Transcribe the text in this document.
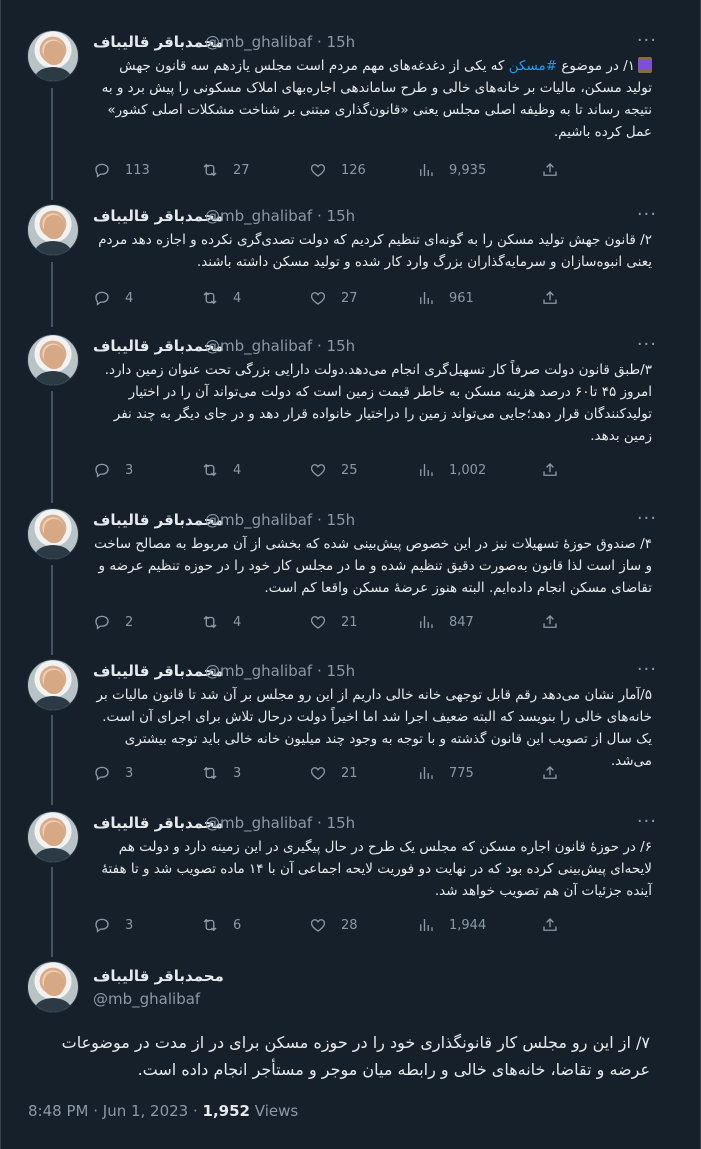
محمدباقر قالیباف
@mb_ghalibaf · 15h	···
۱/ در موضوع #مسکن که یکی از دغدغه‌های مهم مردم است مجلس یازدهم سه قانون جهش تولید مسکن، مالیات بر خانه‌های خالی و طرح ساماندهی اجاره‌بهای املاک مسکونی را پیش برد و به نتیجه رساند تا به وظیفه اصلی مجلس یعنی «قانون‌گذاری مبتنی بر شناخت مشکلات اصلی کشور» عمل کرده باشیم.
113	27	126	9,935
محمدباقر قالیباف
@mb_ghalibaf · 15h	···
۲/ قانون جهش تولید مسکن را به گونه‌ای تنظیم کردیم که دولت تصدی‌گری نکرده و اجازه دهد مردم یعنی انبوه‌سازان و سرمایه‌گذاران بزرگ وارد کار شده و تولید مسکن داشته باشند.
4	4	27	961
محمدباقر قالیباف
@mb_ghalibaf · 15h	···
۳/طبق قانون دولت صرفاً کار تسهیل‌گری انجام می‌دهد.دولت دارایی بزرگی تحت عنوان زمین دارد. امروز ۴۵ تا۶۰ درصد هزینه مسکن به خاطر قیمت زمین است که دولت می‌تواند آن را در اختیار تولیدکنندگان قرار دهد؛جایی می‌تواند زمین را دراختیار خانواده قرار دهد و در جای دیگر به چند نفر زمین بدهد.
3	4	25	1,002
محمدباقر قالیباف
@mb_ghalibaf · 15h	···
۴/ صندوق حوزهٔ تسهیلات نیز در این خصوص پیش‌بینی شده که بخشی از آن مربوط به مصالح ساخت و ساز است لذا قانون به‌صورت دقیق تنظیم شده و ما در مجلس کار خود را در حوزه تنظیم عرضه و تقاضای مسکن انجام داده‌ایم. البته هنوز عرضهٔ مسکن واقعا کم است.
2	4	21	847
محمدباقر قالیباف
@mb_ghalibaf · 15h	···
۵/آمار نشان می‌دهد رقم قابل توجهی خانه خالی داریم از این رو مجلس بر آن شد تا قانون مالیات بر خانه‌های خالی را بنویسد که البته ضعیف اجرا شد اما اخیراً دولت درحال تلاش برای اجرای آن است. یک سال از تصویب این قانون گذشته و با توجه به وجود چند میلیون خانه خالی باید توجه بیشتری می‌شد.
3	3	21	775
محمدباقر قالیباف
@mb_ghalibaf · 15h	···
۶/ در حوزهٔ قانون اجاره مسکن که مجلس یک طرح در حال پیگیری در این زمینه دارد و دولت هم لایحه‌ای پیش‌بینی کرده بود که در نهایت دو فوریت لایحه اجماعی آن با ۱۴ ماده تصویب شد و تا هفتهٔ آینده جزئیات آن هم تصویب خواهد شد.
3	6	28	1,944
محمدباقر قالیباف
@mb_ghalibaf
۷/ از این رو مجلس کار قانونگذاری خود را در حوزه مسکن برای در از مدت در موضوعات عرضه و تقاضا، خانه‌های خالی و رابطه میان موجر و مستأجر انجام داده است.
8:48 PM · Jun 1, 2023 · 1,952 Views
